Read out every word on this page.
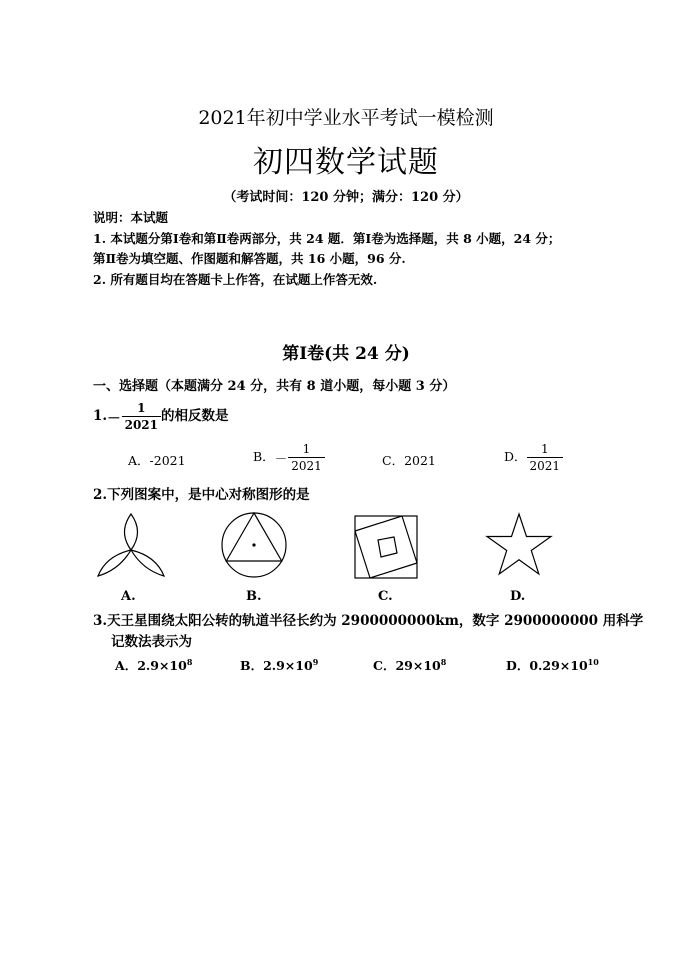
2021年初中学业水平考试一模检测
初四数学试题
（考试时间：120 分钟；满分：120 分）
说明：本试题
1. 本试题分第Ⅰ卷和第Ⅱ卷两部分，共 24 题．第Ⅰ卷为选择题，共 8 小题，24 分；
第Ⅱ卷为填空题、作图题和解答题，共 16 小题，96 分.
2. 所有题目均在答题卡上作答，在试题上作答无效.
第Ⅰ卷(共 24 分)
一、选择题（本题满分 24 分，共有 8 道小题，每小题 3 分）
$1.- \frac{1}{2021}$ 的相反数是
A．-2021	B．－ $\frac{1}{2021}$	C．2021	D． $\frac{1}{2021}$
2.下列图案中，是中心对称图形的是
A.	B.	C.	D.
3.天王星围绕太阳公转的轨道半径长约为 2900000000km，数字 2900000000 用科学
记数法表示为
A．$2.9\times 10^8$	B．$2.9\times 10^9$	C．$29\times 10^8$	D．$0.29\times 10^{10}$
